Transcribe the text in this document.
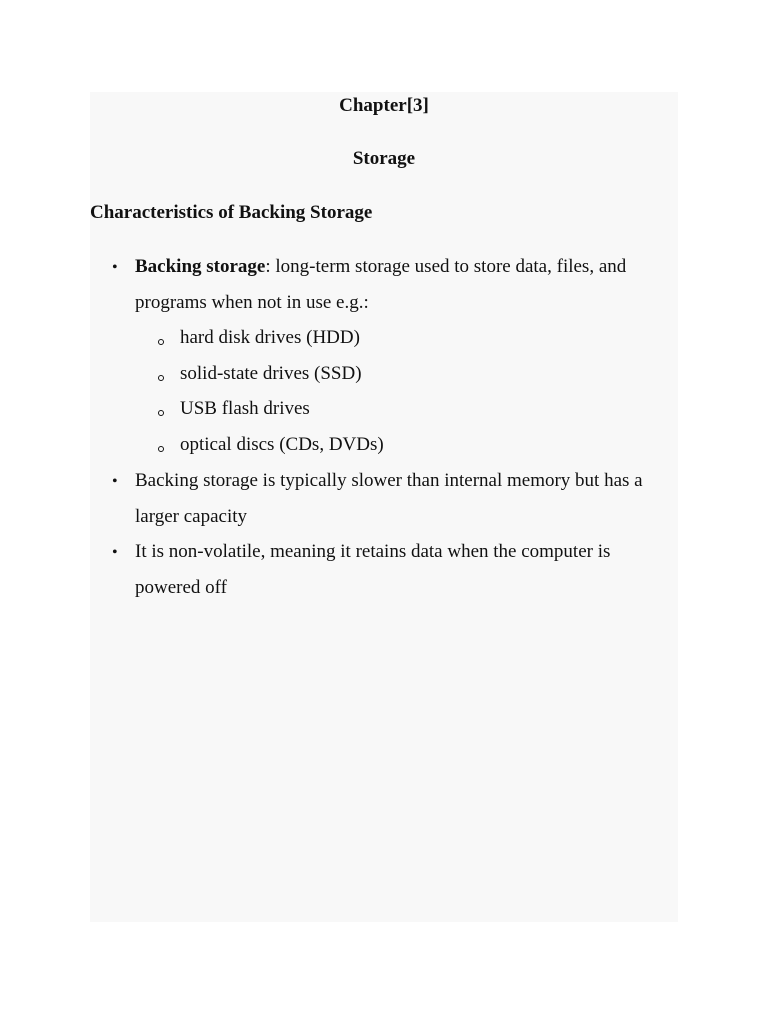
Chapter[3]
Storage
Characteristics of Backing Storage
• Backing storage: long-term storage used to store data, files, and
programs when not in use e.g.:
hard disk drives (HDD)
solid-state drives (SSD)
USB flash drives
optical discs (CDs, DVDs)
• Backing storage is typically slower than internal memory but has a
larger capacity
• It is non-volatile, meaning it retains data when the computer is
powered off
